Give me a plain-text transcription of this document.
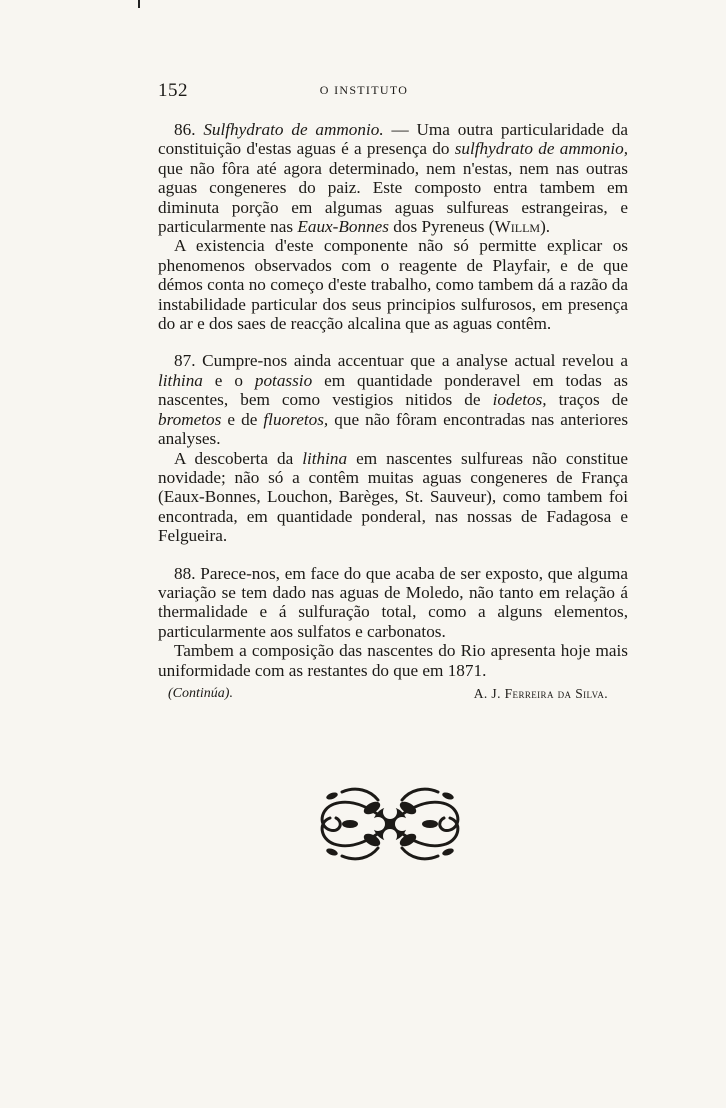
152	O INSTITUTO

86. Sulfhydrato de ammonio. — Uma outra particularidade da constituição d'estas aguas é a presença do sulfhydrato de ammonio, que não fôra até agora determinado, nem n'estas, nem nas outras aguas congeneres do paiz. Este composto entra tambem em diminuta porção em algumas aguas sulfureas estrangeiras, e particularmente nas Eaux-Bonnes dos Pyreneus (Willm).

A existencia d'este componente não só permitte explicar os phenomenos observados com o reagente de Playfair, e de que démos conta no começo d'este trabalho, como tambem dá a razão da instabilidade particular dos seus principios sulfurosos, em presença do ar e dos saes de reacção alcalina que as aguas contêm.

87. Cumpre-nos ainda accentuar que a analyse actual revelou a lithina e o potassio em quantidade ponderavel em todas as nascentes, bem como vestigios nitidos de iodetos, traços de brometos e de fluoretos, que não fôram encontradas nas anteriores analyses.

A descoberta da lithina em nascentes sulfureas não constitue novidade; não só a contêm muitas aguas congeneres de França (Eaux-Bonnes, Louchon, Barèges, St. Sauveur), como tambem foi encontrada, em quantidade ponderal, nas nossas de Fadagosa e Felgueira.

88. Parece-nos, em face do que acaba de ser exposto, que alguma variação se tem dado nas aguas de Moledo, não tanto em relação á thermalidade e á sulfuração total, como a alguns elementos, particularmente aos sulfatos e carbonatos.

Tambem a composição das nascentes do Rio apresenta hoje mais uniformidade com as restantes do que em 1871.

(Continúa).	A. J. Ferreira da Silva.
